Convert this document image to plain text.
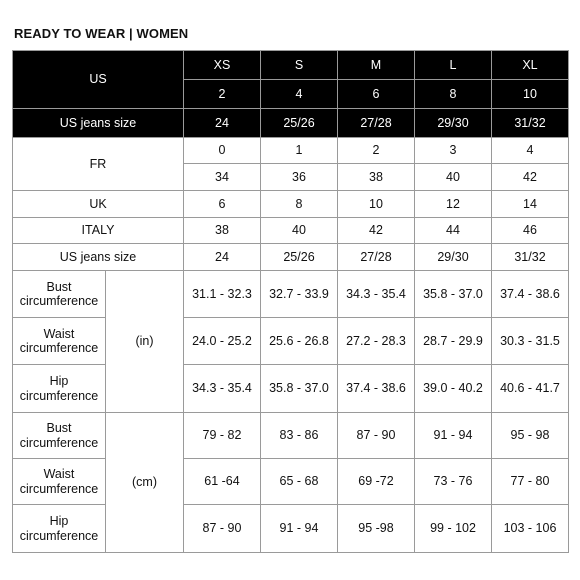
READY TO WEAR | WOMEN
US		XS	S	M	L	XL
		2	4	6	8	10
US jeans size		24	25/26	27/28	29/30	31/32
FR		0	1	2	3	4
		34	36	38	40	42
UK		6	8	10	12	14
ITALY		38	40	42	44	46
US jeans size		24	25/26	27/28	29/30	31/32
Bust circumference	(in)	31.1 - 32.3	32.7 - 33.9	34.3 - 35.4	35.8 - 37.0	37.4 - 38.6
Waist circumference		24.0 - 25.2	25.6 - 26.8	27.2 - 28.3	28.7 - 29.9	30.3 - 31.5
Hip circumference		34.3 - 35.4	35.8 - 37.0	37.4 - 38.6	39.0 - 40.2	40.6 - 41.7
Bust circumference	(cm)	79 - 82	83 - 86	87 - 90	91 - 94	95 - 98
Waist circumference		61 -64	65 - 68	69 -72	73 - 76	77 - 80
Hip circumference		87 - 90	91 - 94	95 -98	99 - 102	103 - 106
